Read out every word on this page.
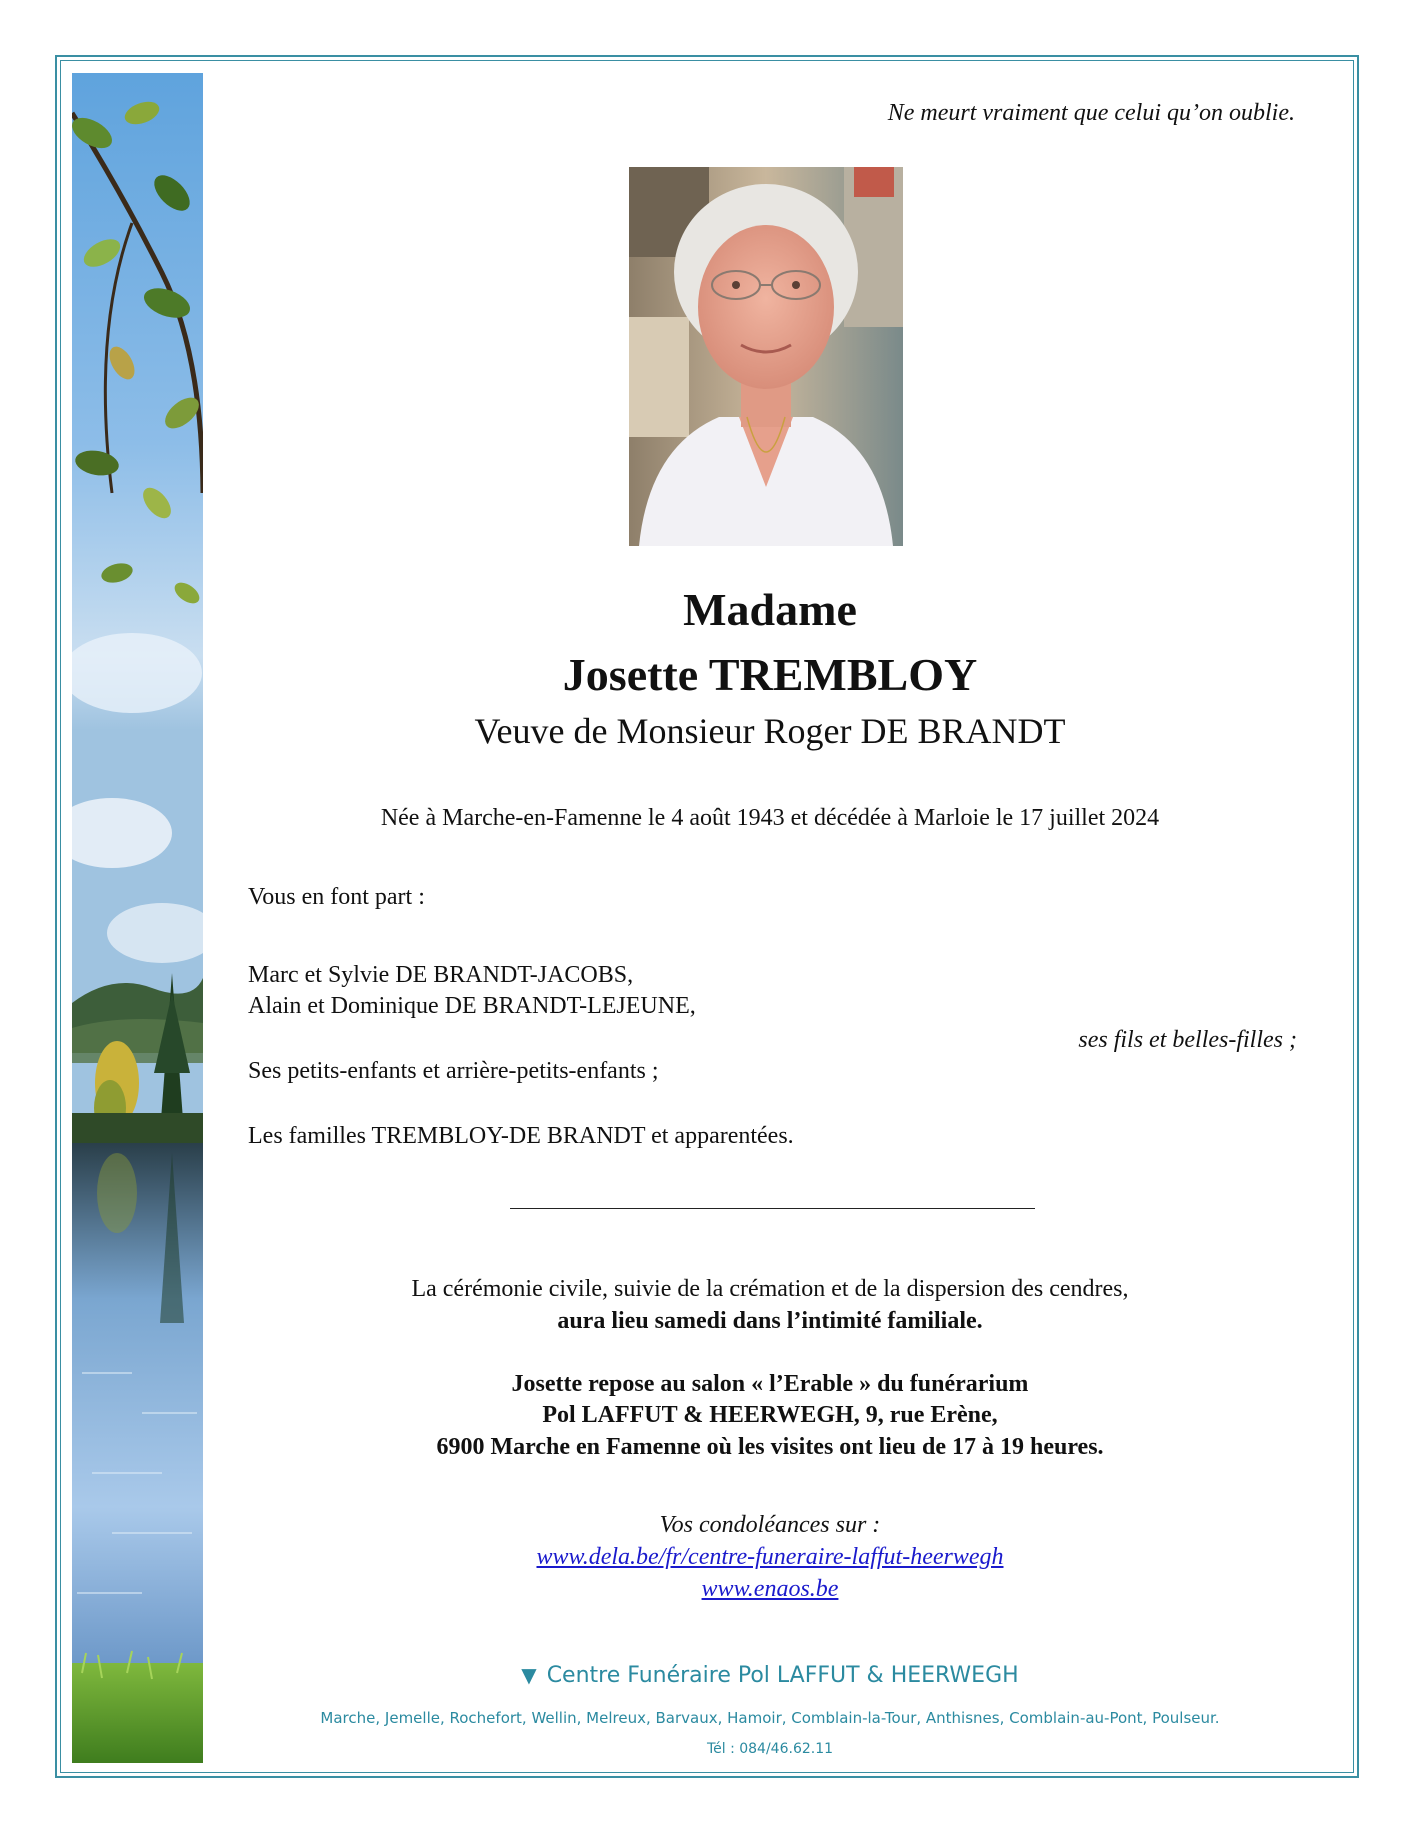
Ne meurt vraiment que celui qu’on oublie.
Madame
Josette TREMBLOY
Veuve de Monsieur Roger DE BRANDT
Née à Marche-en-Famenne le 4 août 1943 et décédée à Marloie le 17 juillet 2024
Vous en font part :
Marc et Sylvie DE BRANDT-JACOBS,
Alain et Dominique DE BRANDT-LEJEUNE,
ses fils et belles-filles ;
Ses petits-enfants et arrière-petits-enfants ;
Les familles TREMBLOY-DE BRANDT et apparentées.
La cérémonie civile, suivie de la crémation et de la dispersion des cendres,
aura lieu samedi dans l’intimité familiale.
Josette repose au salon « l’Erable » du funérarium
Pol LAFFUT & HEERWEGH, 9, rue Erène,
6900 Marche en Famenne où les visites ont lieu de 17 à 19 heures.
Vos condoléances sur :
www.dela.be/fr/centre-funeraire-laffut-heerwegh
www.enaos.be
▼ Centre Funéraire Pol LAFFUT & HEERWEGH
Marche, Jemelle, Rochefort, Wellin, Melreux, Barvaux, Hamoir, Comblain-la-Tour, Anthisnes, Comblain-au-Pont, Poulseur.
Tél : 084/46.62.11
